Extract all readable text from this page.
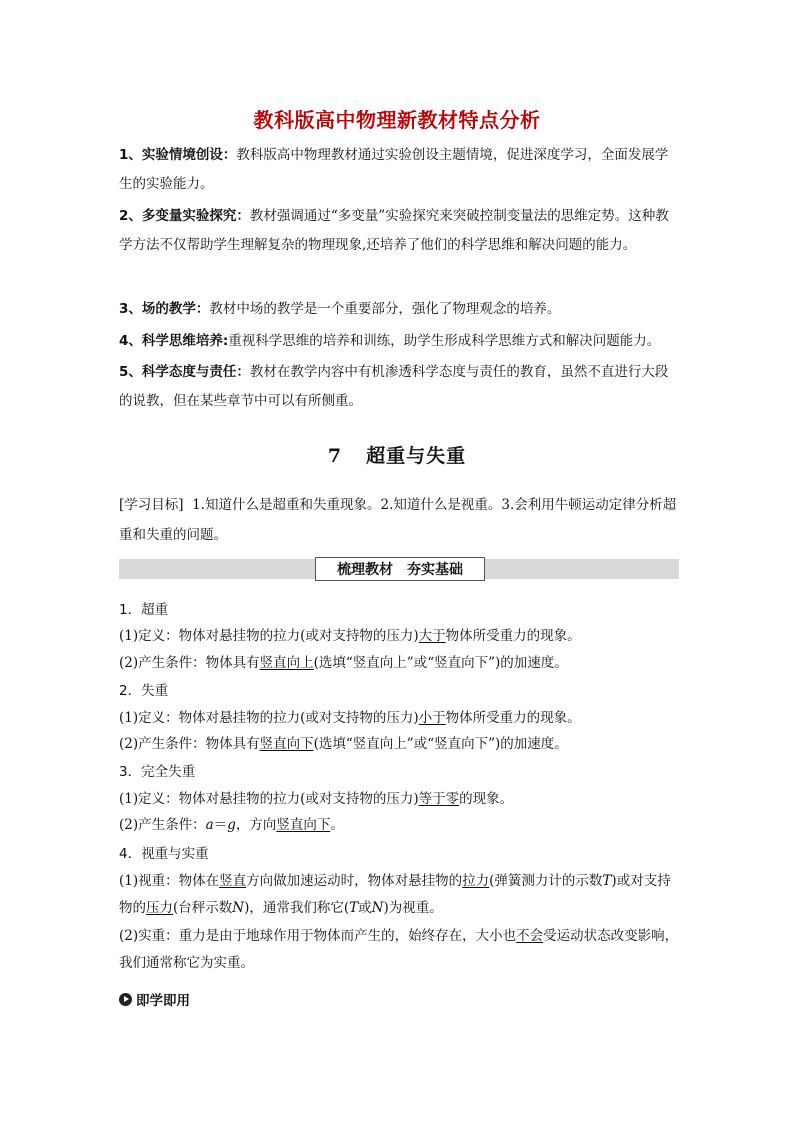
教科版高中物理新教材特点分析
1、实验情境创设：教科版高中物理教材通过实验创设主题情境，促进深度学习，全面发展学生的实验能力。
2、多变量实验探究：教材强调通过“多变量”实验探究来突破控制变量法的思维定势。这种教学方法不仅帮助学生理解复杂的物理现象,还培养了他们的科学思维和解决问题的能力。
3、场的教学：教材中场的教学是一个重要部分，强化了物理观念的培养。
4、科学思维培养:重视科学思维的培养和训练，助学生形成科学思维方式和解决问题能力。
5、科学态度与责任：教材在教学内容中有机渗透科学态度与责任的教育，虽然不直进行大段的说教，但在某些章节中可以有所侧重。
7 超重与失重
[学习目标] 1.知道什么是超重和失重现象。2.知道什么是视重。3.会利用牛顿运动定律分析超重和失重的问题。
梳理教材 夯实基础
1．超重
(1)定义：物体对悬挂物的拉力(或对支持物的压力)大于物体所受重力的现象。
(2)产生条件：物体具有竖直向上(选填“竖直向上”或“竖直向下”)的加速度。
2．失重
(1)定义：物体对悬挂物的拉力(或对支持物的压力)小于物体所受重力的现象。
(2)产生条件：物体具有竖直向下(选填“竖直向上”或“竖直向下”)的加速度。
3．完全失重
(1)定义：物体对悬挂物的拉力(或对支持物的压力)等于零的现象。
(2)产生条件：a＝g，方向竖直向下。
4．视重与实重
(1)视重：物体在竖直方向做加速运动时，物体对悬挂物的拉力(弹簧测力计的示数T)或对支持物的压力(台秤示数N)，通常我们称它(T或N)为视重。
(2)实重：重力是由于地球作用于物体而产生的，始终存在，大小也不会受运动状态改变影响，我们通常称它为实重。
即学即用
